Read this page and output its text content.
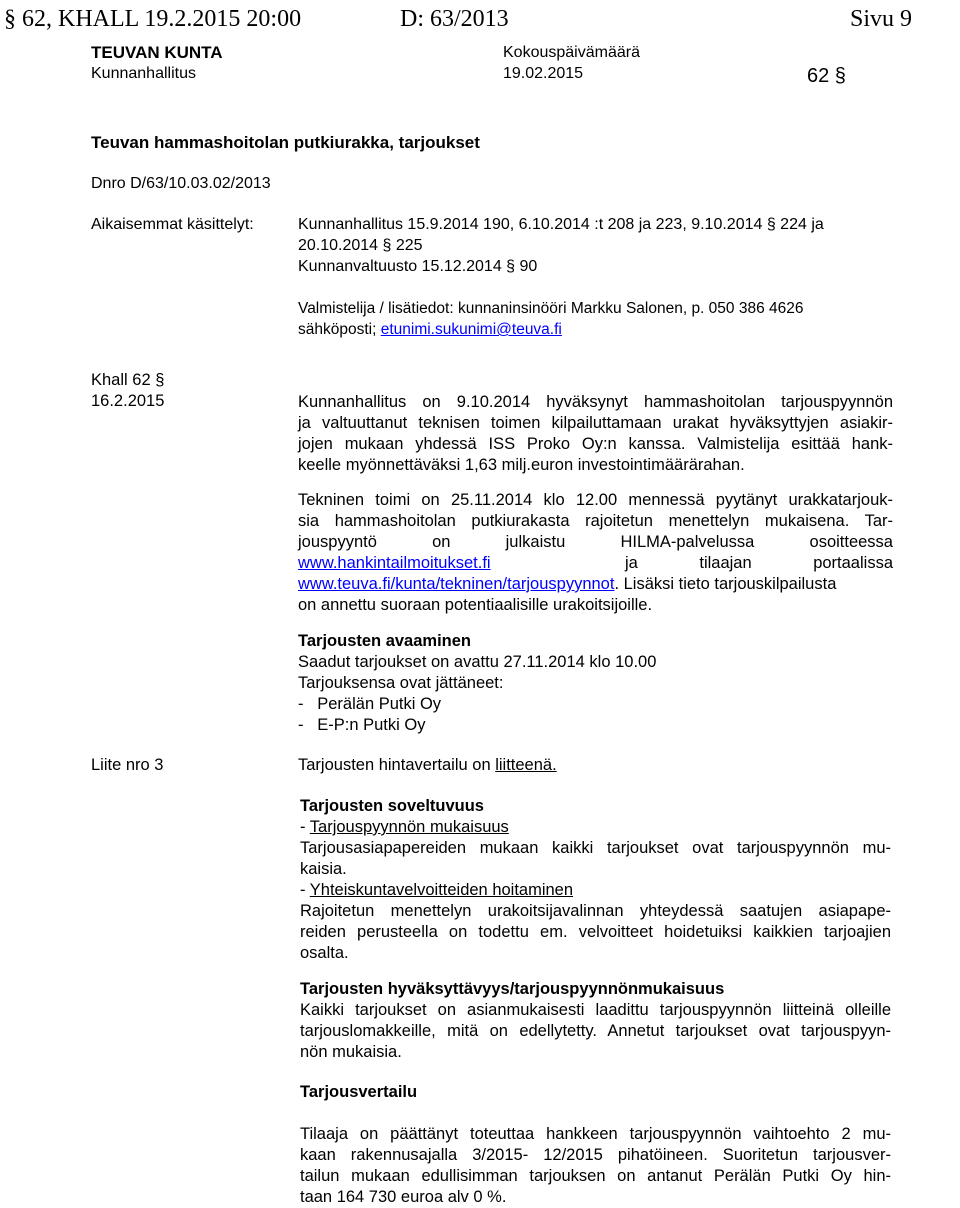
§ 62, KHALL 19.2.2015 20:00	D: 63/2013	Sivu 9
TEUVAN KUNTA
Kunnanhallitus
Kokouspäivämäärä
19.02.2015	62 §
Teuvan hammashoitolan putkiurakka, tarjoukset
Dnro D/63/10.03.02/2013
Aikaisemmat käsittelyt:	Kunnanhallitus 15.9.2014 190, 6.10.2014 :t 208 ja 223, 9.10.2014 § 224 ja
20.10.2014 § 225
Kunnanvaltuusto 15.12.2014 § 90
Valmistelija / lisätiedot: kunnaninsinööri Markku Salonen, p. 050 386 4626
sähköposti; etunimi.sukunimi@teuva.fi
Khall 62 §
16.2.2015	Kunnanhallitus on 9.10.2014 hyväksynyt hammashoitolan tarjouspyynnön
ja valtuuttanut teknisen toimen kilpailuttamaan urakat hyväksyttyjen asiakir-
jojen mukaan yhdessä ISS Proko Oy:n kanssa. Valmistelija esittää hank-
keelle myönnettäväksi 1,63 milj.euron investointimäärärahan.
Tekninen toimi on 25.11.2014 klo 12.00 mennessä pyytänyt urakkatarjouk-
sia hammashoitolan putkiurakasta rajoitetun menettelyn mukaisena. Tar-
jouspyyntö on julkaistu HILMA-palvelussa osoitteessa
www.hankintailmoitukset.fi	ja	tilaajan	portaalissa
www.teuva.fi/kunta/tekninen/tarjouspyynnot. Lisäksi tieto tarjouskilpailusta
on annettu suoraan potentiaalisille urakoitsijoille.
Tarjousten avaaminen
Saadut tarjoukset on avattu 27.11.2014 klo 10.00
Tarjouksensa ovat jättäneet:
-   Perälän Putki Oy
-   E-P:n Putki Oy
Liite nro 3	Tarjousten hintavertailu on liitteenä.
Tarjousten soveltuvuus
- Tarjouspyynnön mukaisuus
Tarjousasiapapereiden mukaan kaikki tarjoukset ovat tarjouspyynnön mu-
kaisia.
- Yhteiskuntavelvoitteiden hoitaminen
Rajoitetun menettelyn urakoitsijavalinnan yhteydessä saatujen asiapape-
reiden perusteella on todettu em. velvoitteet hoidetuiksi kaikkien tarjoajien
osalta.
Tarjousten hyväksyttävyys/tarjouspyynnönmukaisuus
Kaikki tarjoukset on asianmukaisesti laadittu tarjouspyynnön liitteinä olleille
tarjouslomakkeille, mitä on edellytetty. Annetut tarjoukset ovat tarjouspyyn-
nön mukaisia.
Tarjousvertailu
Tilaaja on päättänyt toteuttaa hankkeen tarjouspyynnön vaihtoehto 2 mu-
kaan rakennusajalla 3/2015- 12/2015 pihatöineen. Suoritetun tarjousver-
tailun mukaan edullisimman tarjouksen on antanut Perälän Putki Oy hin-
taan 164 730 euroa alv 0 %.
